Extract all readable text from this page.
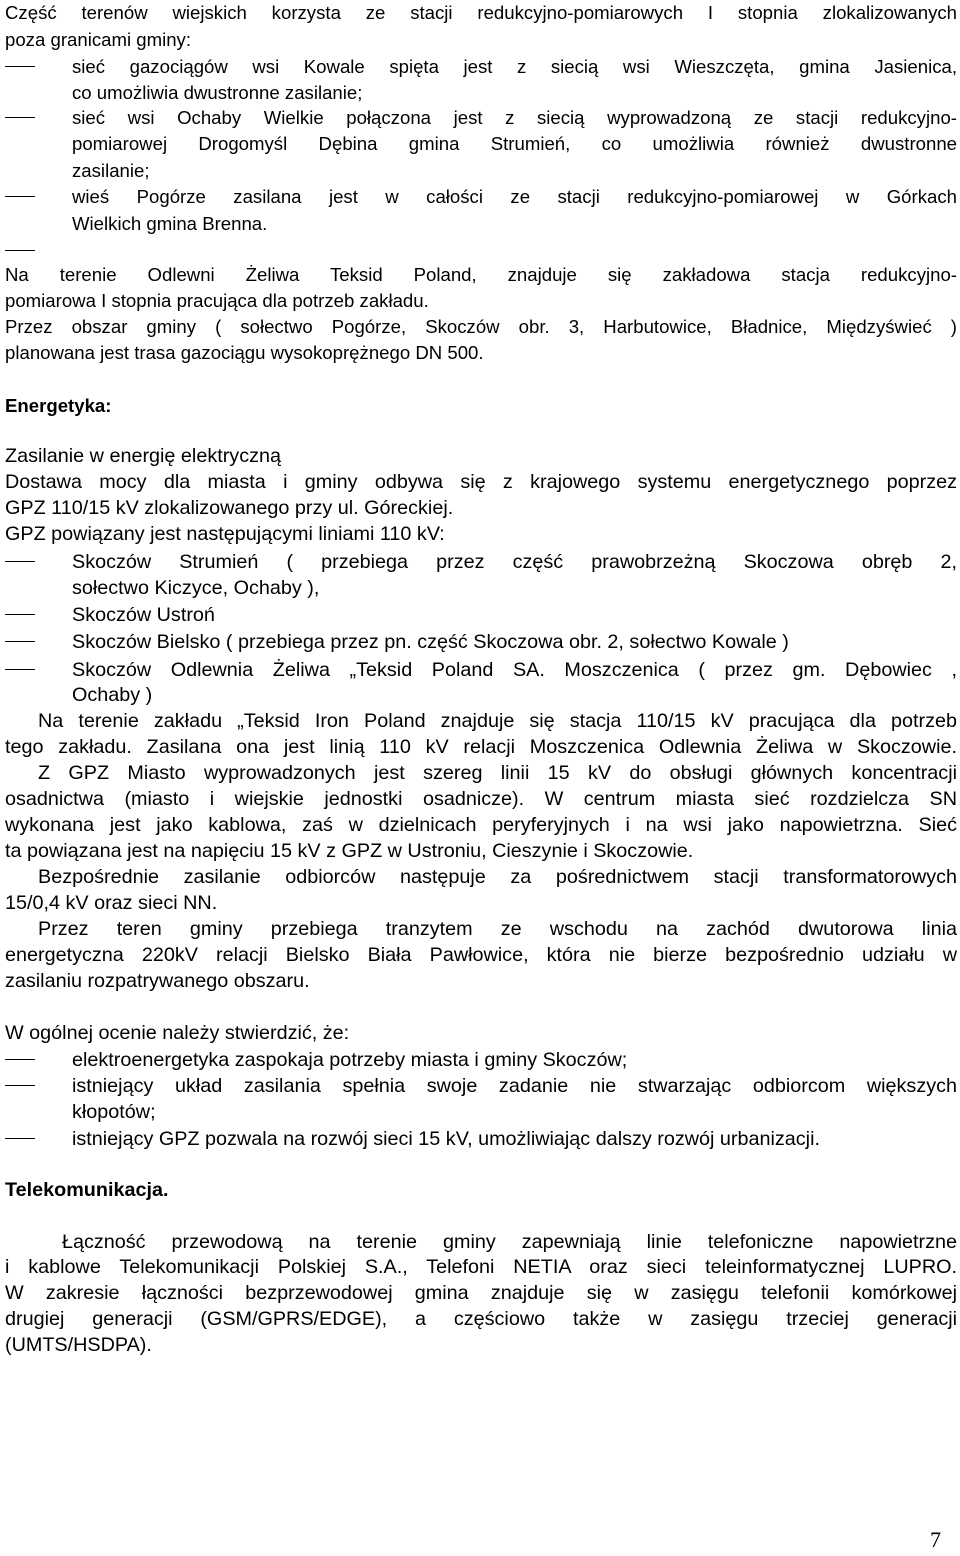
Część terenów wiejskich korzysta ze stacji redukcyjno-pomiarowych I stopnia zlokalizowanych
poza granicami gminy:
sieć gazociągów wsi Kowale spięta jest z siecią wsi Wieszczęta, gmina Jasienica,
co umożliwia dwustronne zasilanie;
sieć wsi Ochaby Wielkie połączona jest z siecią wyprowadzoną ze stacji redukcyjno-
pomiarowej Drogomyśl Dębina gmina Strumień, co umożliwia również dwustronne
zasilanie;
wieś Pogórze zasilana jest w całości ze stacji redukcyjno-pomiarowej w Górkach
Wielkich gmina Brenna.
Na terenie Odlewni Żeliwa Teksid Poland, znajduje się zakładowa stacja redukcyjno-
pomiarowa I stopnia pracująca dla potrzeb zakładu.
Przez obszar gminy ( sołectwo Pogórze, Skoczów obr. 3, Harbutowice, Bładnice, Międzyświeć )
planowana jest trasa gazociągu wysokoprężnego DN 500.
Energetyka:
Zasilanie w energię elektryczną
Dostawa mocy dla miasta i gminy odbywa się z krajowego systemu energetycznego poprzez
GPZ 110/15 kV zlokalizowanego przy ul. Góreckiej.
GPZ powiązany jest następującymi liniami 110 kV:
Skoczów Strumień ( przebiega przez część prawobrzeżną Skoczowa obręb 2,
sołectwo Kiczyce, Ochaby ),
Skoczów Ustroń
Skoczów Bielsko ( przebiega przez pn. część Skoczowa obr. 2, sołectwo Kowale )
Skoczów Odlewnia Żeliwa „Teksid Poland SA. Moszczenica ( przez gm. Dębowiec ,
Ochaby )
Na terenie zakładu „Teksid Iron Poland znajduje się stacja 110/15 kV pracująca dla potrzeb
tego zakładu. Zasilana ona jest linią 110 kV relacji Moszczenica Odlewnia Żeliwa w Skoczowie.
Z GPZ Miasto wyprowadzonych jest szereg linii 15 kV do obsługi głównych koncentracji
osadnictwa (miasto i wiejskie jednostki osadnicze). W centrum miasta sieć rozdzielcza SN
wykonana jest jako kablowa, zaś w dzielnicach peryferyjnych i na wsi jako napowietrzna. Sieć
ta powiązana jest na napięciu 15 kV z GPZ w Ustroniu, Cieszynie i Skoczowie.
Bezpośrednie zasilanie odbiorców następuje za pośrednictwem stacji transformatorowych
15/0,4 kV oraz sieci NN.
Przez teren gminy przebiega tranzytem ze wschodu na zachód dwutorowa linia
energetyczna 220kV relacji Bielsko Biała Pawłowice, która nie bierze bezpośrednio udziału w
zasilaniu rozpatrywanego obszaru.
W ogólnej ocenie należy stwierdzić, że:
elektroenergetyka zaspokaja potrzeby miasta i gminy Skoczów;
istniejący układ zasilania spełnia swoje zadanie nie stwarzając odbiorcom większych
kłopotów;
istniejący GPZ pozwala na rozwój sieci 15 kV, umożliwiając dalszy rozwój urbanizacji.
Telekomunikacja.
Łączność przewodową na terenie gminy zapewniają linie telefoniczne napowietrzne
i kablowe Telekomunikacji Polskiej S.A., Telefoni NETIA oraz sieci teleinformatycznej LUPRO.
W zakresie łączności bezprzewodowej gmina znajduje się w zasięgu telefonii komórkowej
drugiej generacji (GSM/GPRS/EDGE), a częściowo także w zasięgu trzeciej generacji
(UMTS/HSDPA).
7
